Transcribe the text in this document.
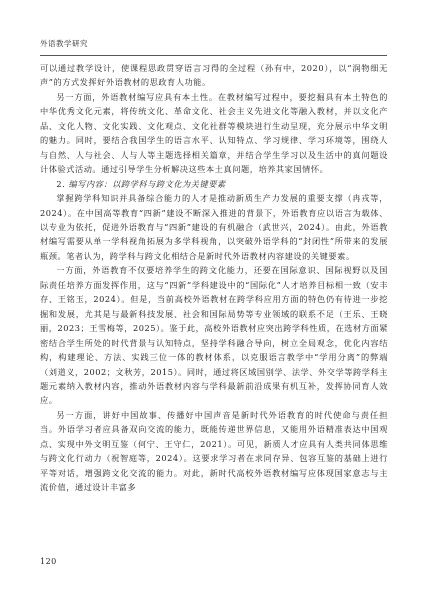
外语教学研究

可以通过教学设计，使课程思政贯穿语言习得的全过程（孙有中，2020），以“润物细无声”的方式发挥好外语教材的思政育人功能。

另一方面，外语教材编写应具有本土性。在教材编写过程中，要挖掘具有本土特色的中华优秀文化元素，将传统文化、革命文化、社会主义先进文化等融入教材，并以文化产品、文化人物、文化实践、文化观点、文化社群等模块进行生动呈现，充分展示中华文明的魅力。同时，要结合我国学生的语言水平、认知特点、学习规律、学习环境等，围绕人与自然、人与社会、人与人等主题选择相关篇章，并结合学生学习以及生活中的真问题设计体验式活动。通过引导学生分析解决这些本土真问题，培养其家国情怀。

2. 编写内容：以跨学科与跨文化为关键要素

掌握跨学科知识并具备综合能力的人才是推动新质生产力发展的重要支撑（冉戎等，2024）。在中国高等教育“四新”建设不断深入推进的背景下，外语教育应以语言为载体、以专业为依托，促进外语教育与“四新”建设的有机融合（武世兴，2024）。由此，外语教材编写需要从单一学科视角拓展为多学科视角，以突破外语学科的“封闭性”所带来的发展瓶颈。笔者认为，跨学科与跨文化相结合是新时代外语教材内容建设的关键要素。

一方面，外语教育不仅要培养学生的跨文化能力，还要在国际意识、国际视野以及国际责任培养方面发挥作用，这与“四新”学科建设中的“国际化”人才培养目标相一致（安丰存、王铭玉，2024）。但是，当前高校外语教材在跨学科应用方面的特色仍有待进一步挖掘和发展，尤其是与最新科技发展、社会和国际局势等专业领域的联系不足（王乐、王晓丽，2023；王雪梅等，2025）。鉴于此，高校外语教材应突出跨学科性质，在选材方面紧密结合学生所处的时代背景与认知特点，坚持学科融合导向，树立全局观念，优化内容结构，构建理论、方法、实践三位一体的教材体系，以克服语言教学中“学用分离”的弊端（刘道义，2002；文秋芳，2015）。同时，通过将区域国别学、法学、外交学等跨学科主题元素纳入教材内容，推动外语教材内容与学科最新前沿成果有机互补，发挥协同育人效应。

另一方面，讲好中国故事、传播好中国声音是新时代外语教育的时代使命与责任担当。外语学习者应具备双向交流的能力，既能传递世界信息，又能用外语精准表达中国观点、实现中外文明互鉴（何宁、王守仁，2021）。可见，新质人才应具有人类共同体思维与跨文化行动力（祝智庭等，2024）。这要求学习者在求同存异、包容互鉴的基础上进行平等对话，增强跨文化交流的能力。对此，新时代高校外语教材编写应体现国家意志与主流价值，通过设计丰富多

120
